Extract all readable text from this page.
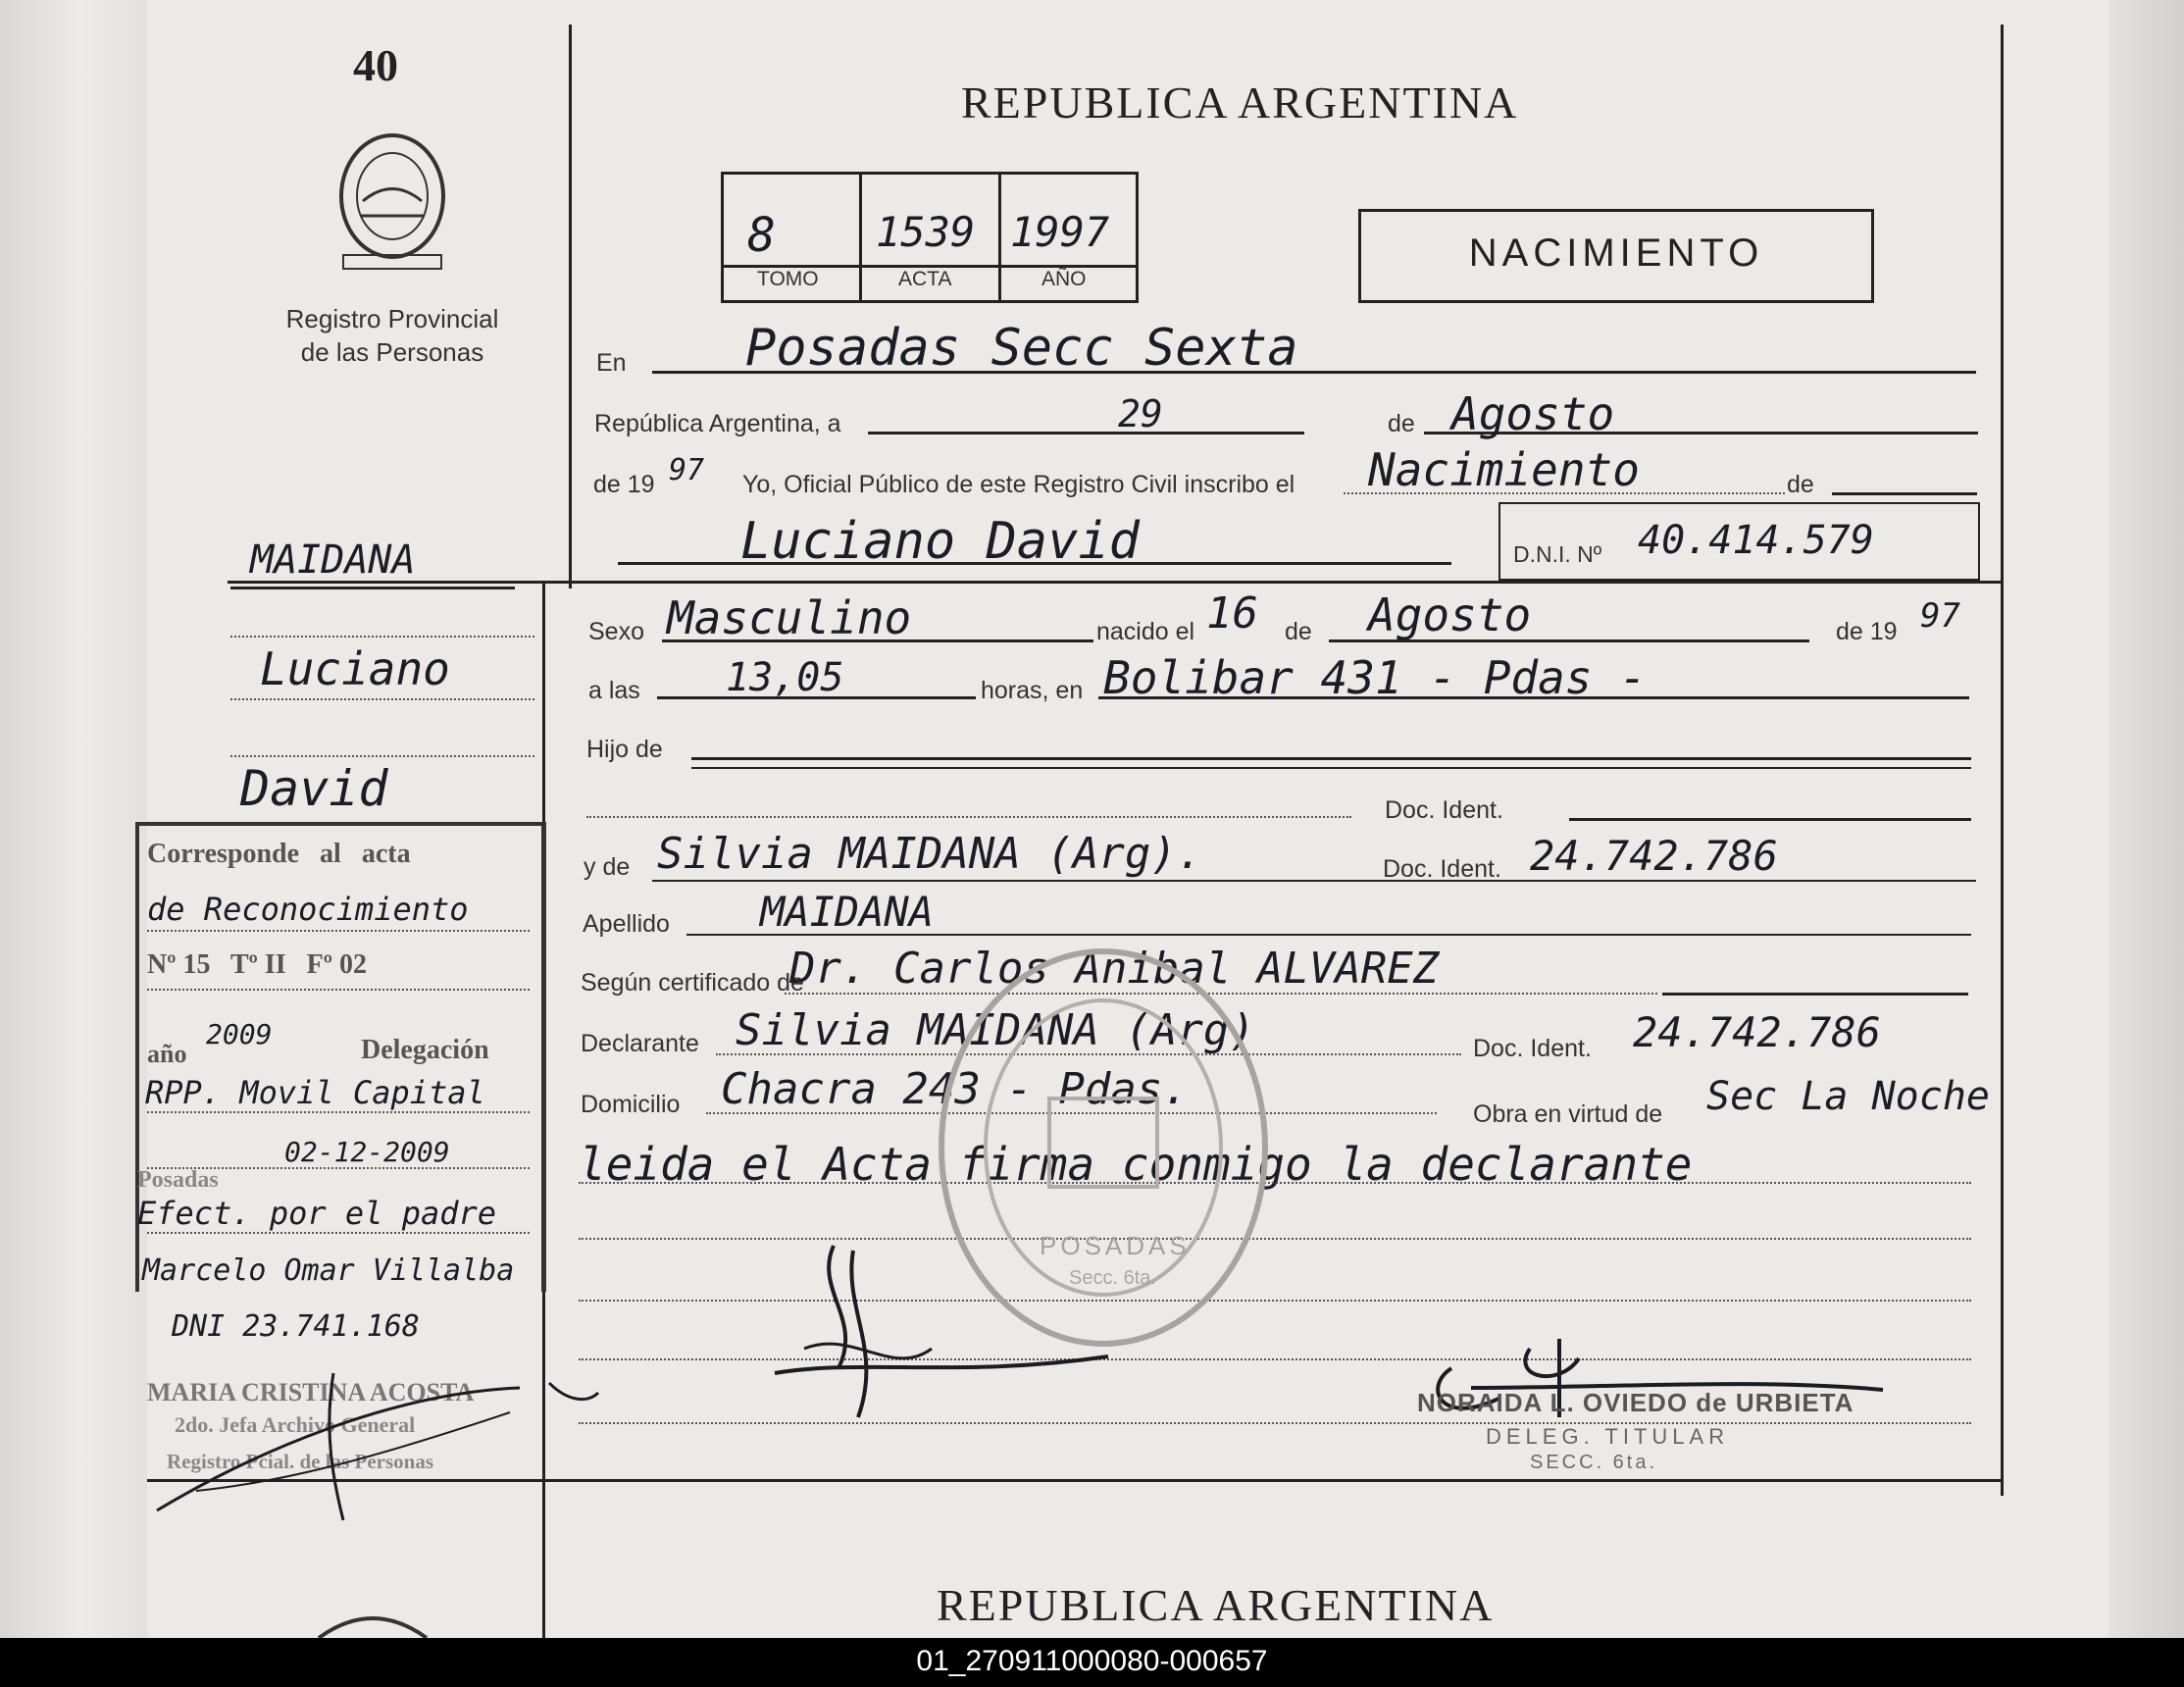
40
Registro Provincial
de las Personas
REPUBLICA ARGENTINA
8 1539 1997
TOMO	ACTA	AÑO
NACIMIENTO
En Posadas Secc Sexta
República Argentina, a	29	de Agosto
de 19 97 Yo, Oficial Público de este Registro Civil inscribo el Nacimiento	de
Luciano David	D.N.I. Nº 40.414.579
Sexo Masculino	nacido el 16 de Agosto	de 19 97
a las 13,05	horas, en Bolibar 431 - Pdas -
Hijo de
Doc. Ident.
y de Silvia MAIDANA (Arg).	Doc. Ident. 24.742.786
Apellido MAIDANA
Según certificado de
Dr. Carlos Anibal ALVAREZ
Declarante Silvia MAIDANA (Arg)	Doc. Ident. 24.742.786
Domicilio Chacra 243 - Pdas.	Obra en virtud de Sec La Noche
leida el Acta firma conmigo la declarante
POSADAS
Secc. 6ta.
NORAIDA L. OVIEDO de URBIETA
DELEG. TITULAR
SECC. 6ta.
MAIDANA
Luciano
David
Corresponde al acta
de Reconocimiento
Nº 15   Tº II   Fº 02
año
2009	Delegación
RPP. Movil Capital
02-12-2009
Posadas
Efect. por el padre
Marcelo Omar Villalba
DNI 23.741.168
MARIA CRISTINA ACOSTA
2do. Jefa Archivo General
Registro Pcial. de las Personas
REPUBLICA ARGENTINA
01_270911000080-000657
